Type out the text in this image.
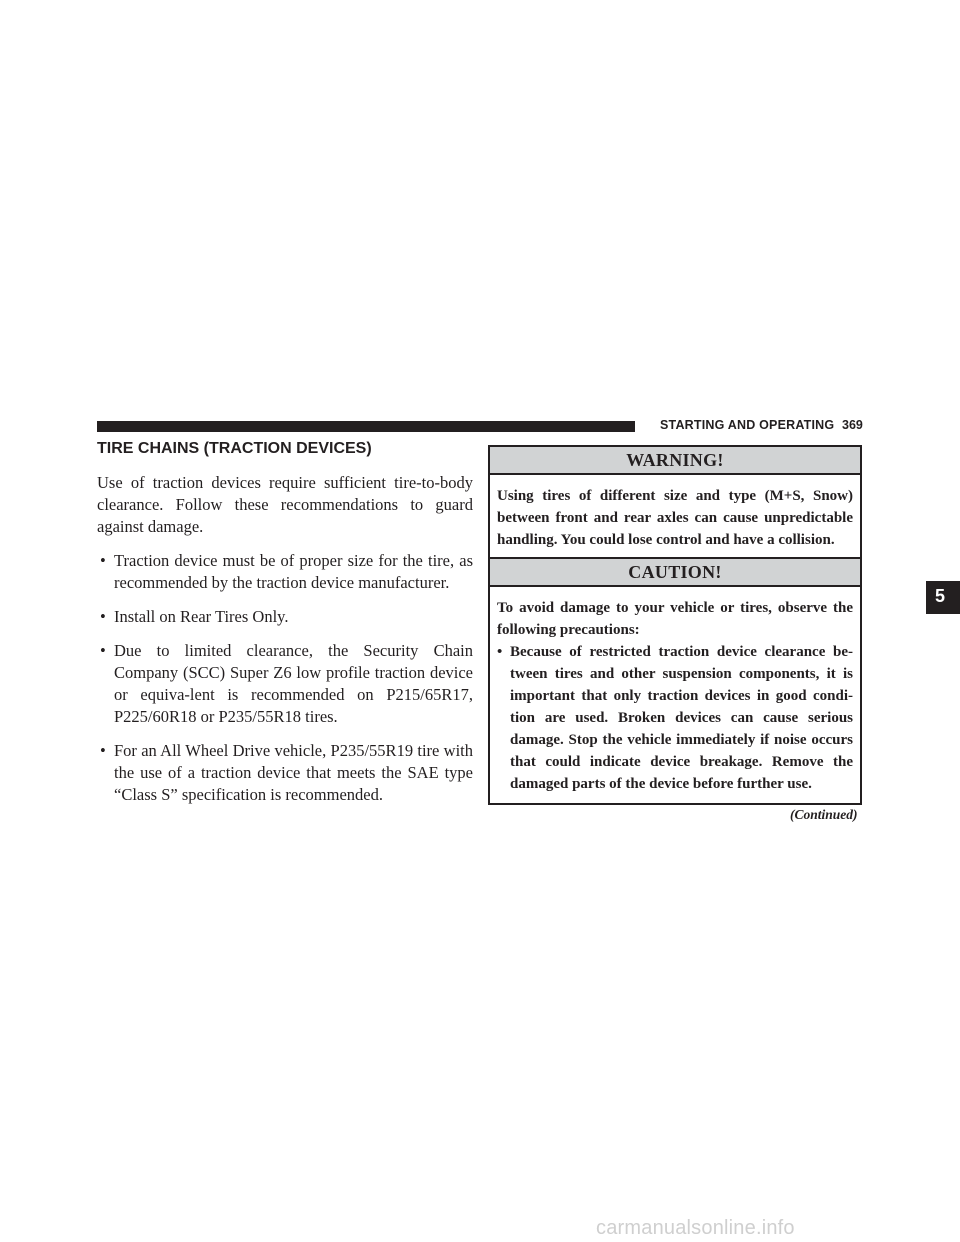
STARTING AND OPERATING 369
TIRE CHAINS (TRACTION DEVICES)

Use of traction devices require sufficient tire-to-body clearance. Follow these recommendations to guard against damage.

• Traction device must be of proper size for the tire, as recommended by the traction device manufacturer.
• Install on Rear Tires Only.
• Due to limited clearance, the Security Chain Company (SCC) Super Z6 low profile traction device or equiva-lent is recommended on P215/65R17, P225/60R18 or P235/55R18 tires.
• For an All Wheel Drive vehicle, P235/55R19 tire with the use of a traction device that meets the SAE type “Class S” specification is recommended.
WARNING!
Using tires of different size and type (M+S, Snow) between front and rear axles can cause unpredictable handling. You could lose control and have a collision.
CAUTION!
To avoid damage to your vehicle or tires, observe the following precautions:
• Because of restricted traction device clearance be-tween tires and other suspension components, it is important that only traction devices in good condi-tion are used. Broken devices can cause serious damage. Stop the vehicle immediately if noise occurs that could indicate device breakage. Remove the damaged parts of the device before further use.
(Continued)
5
carmanualsonline.info
